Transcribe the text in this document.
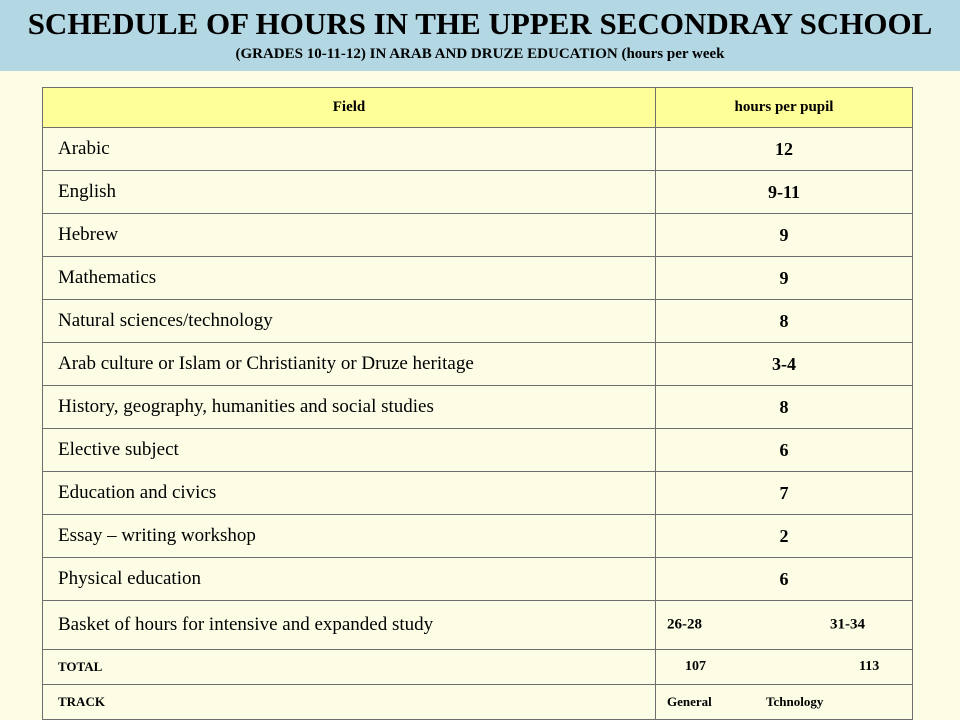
SCHEDULE OF HOURS IN THE UPPER SECONDRAY SCHOOL
(GRADES 10-11-12) IN ARAB AND DRUZE EDUCATION (hours per week
Field	hours per pupil
Arabic	12
English	9-11
Hebrew	9
Mathematics	9
Natural sciences/technology	8
Arab culture or Islam or Christianity or Druze heritage	3-4
History, geography, humanities and social studies	8
Elective subject	6
Education and civics	7
Essay – writing workshop	2
Physical education	6
Basket of hours for intensive and expanded study	26-28 31-34

TOTAL	107 113

TRACK	General Tchnology
